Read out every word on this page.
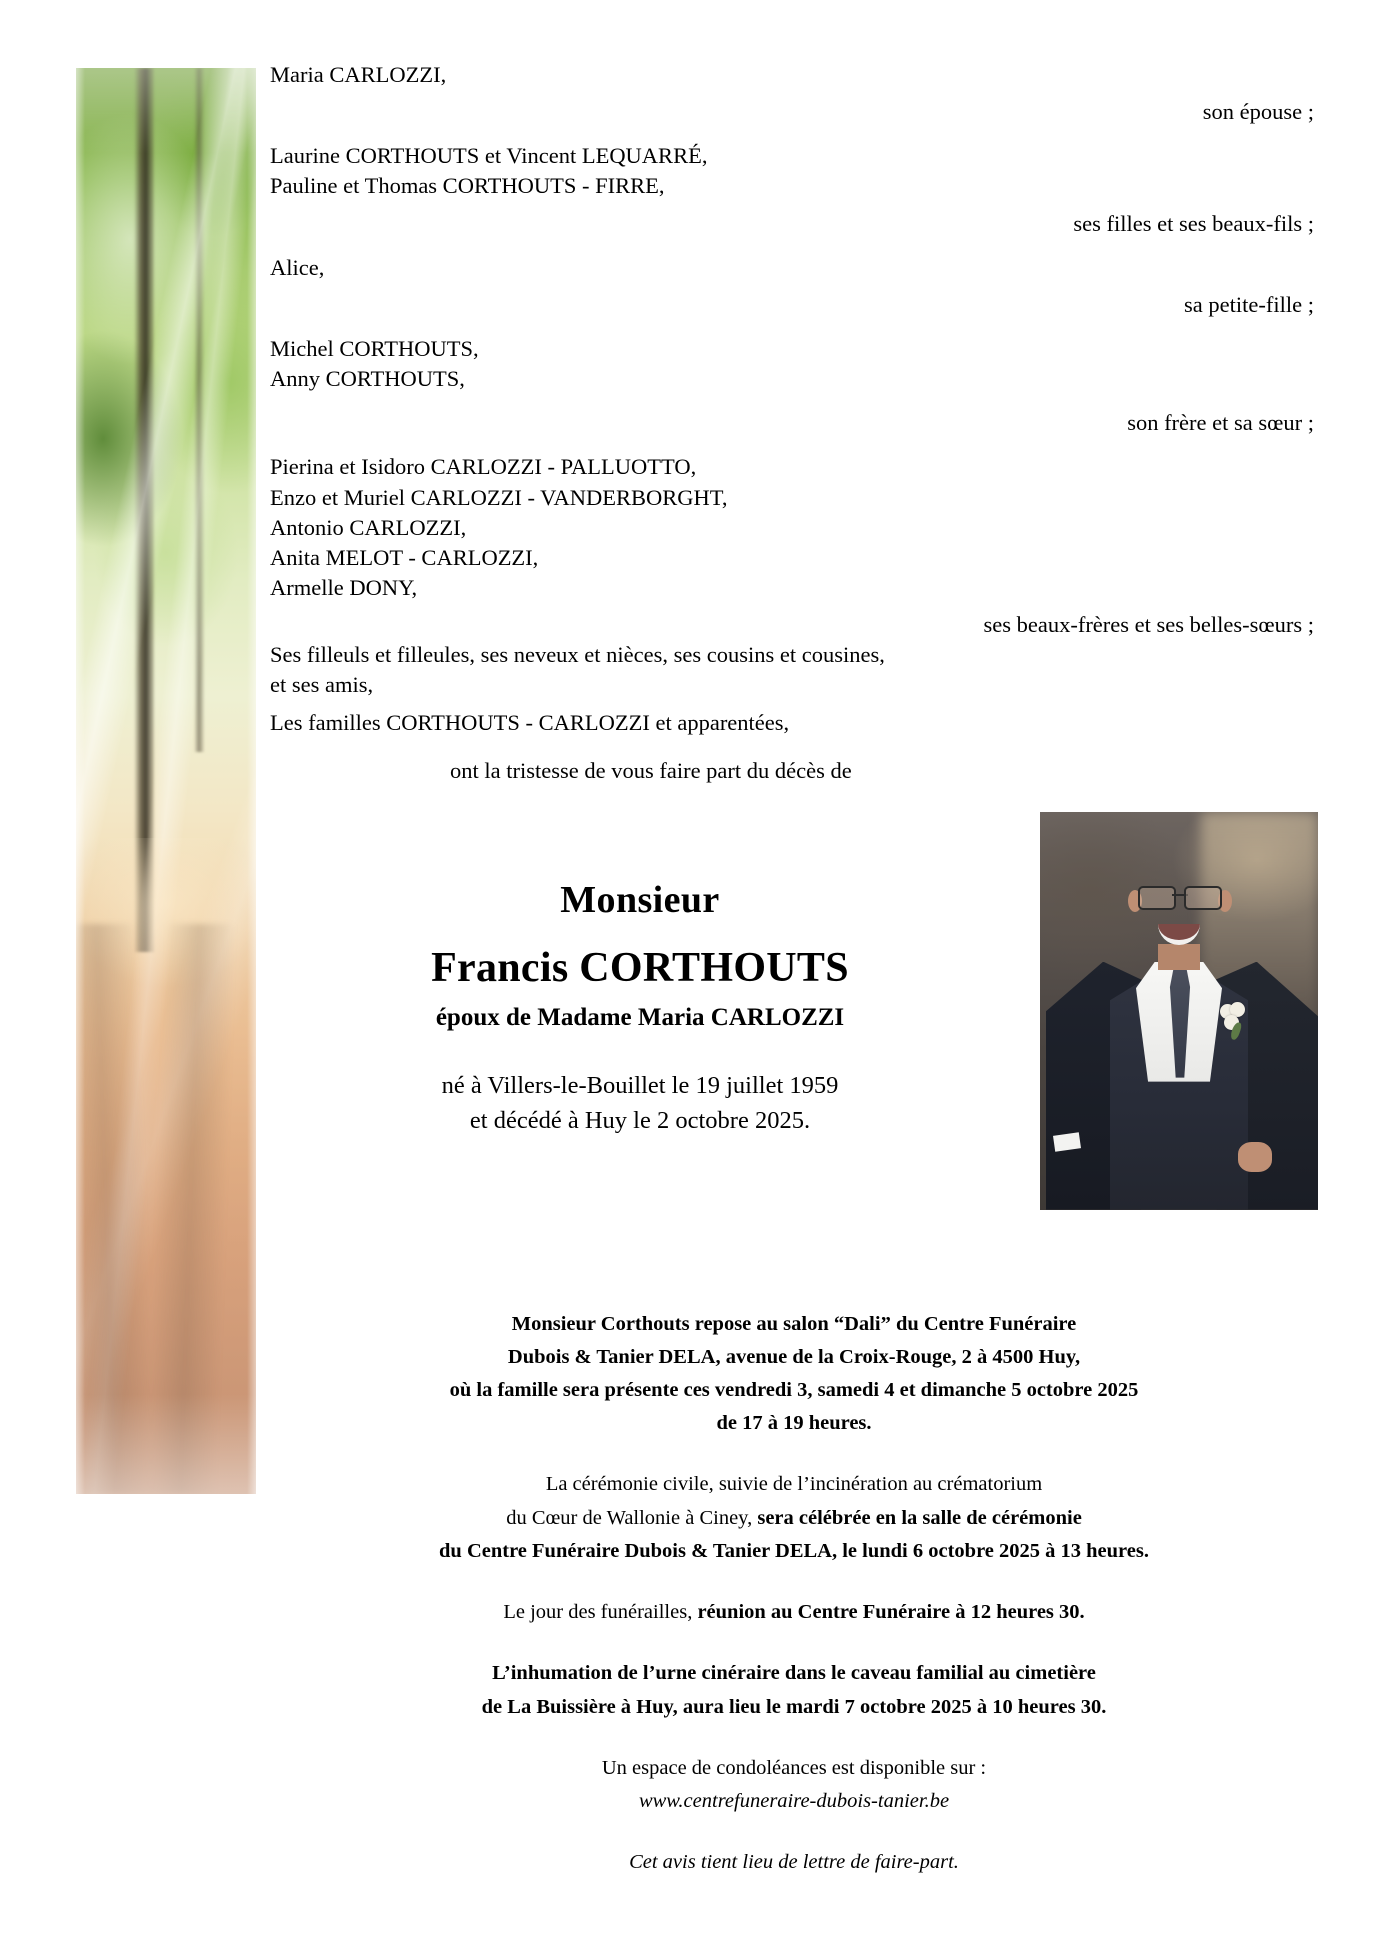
Maria CARLOZZI,
son épouse ;
Laurine CORTHOUTS et Vincent LEQUARRÉ,
Pauline et Thomas CORTHOUTS - FIRRE,
ses filles et ses beaux-fils ;
Alice,
sa petite-fille ;
Michel CORTHOUTS,
Anny CORTHOUTS,
son frère et sa sœur ;
Pierina et Isidoro CARLOZZI - PALLUOTTO,
Enzo et Muriel CARLOZZI - VANDERBORGHT,
Antonio CARLOZZI,
Anita MELOT - CARLOZZI,
Armelle DONY,
ses beaux-frères et ses belles-sœurs ;
Ses filleuls et filleules, ses neveux et nièces, ses cousins et cousines,
et ses amis,
Les familles CORTHOUTS - CARLOZZI et apparentées,
ont la tristesse de vous faire part du décès de
Monsieur
Francis CORTHOUTS
époux de Madame Maria CARLOZZI
né à Villers-le-Bouillet le 19 juillet 1959
et décédé à Huy le 2 octobre 2025.

Monsieur Corthouts repose au salon “Dali” du Centre Funéraire

Dubois & Tanier DELA, avenue de la Croix-Rouge, 2 à 4500 Huy,

où la famille sera présente ces vendredi 3, samedi 4 et dimanche 5 octobre 2025

de 17 à 19 heures.

La cérémonie civile, suivie de l’incinération au crématorium

du Cœur de Wallonie à Ciney, sera célébrée en la salle de cérémonie

du Centre Funéraire Dubois & Tanier DELA, le lundi 6 octobre 2025 à 13 heures.

Le jour des funérailles, réunion au Centre Funéraire à 12 heures 30.

L’inhumation de l’urne cinéraire dans le caveau familial au cimetière

de La Buissière à Huy, aura lieu le mardi 7 octobre 2025 à 10 heures 30.

Un espace de condoléances est disponible sur :

www.centrefuneraire-dubois-tanier.be

Cet avis tient lieu de lettre de faire-part.
